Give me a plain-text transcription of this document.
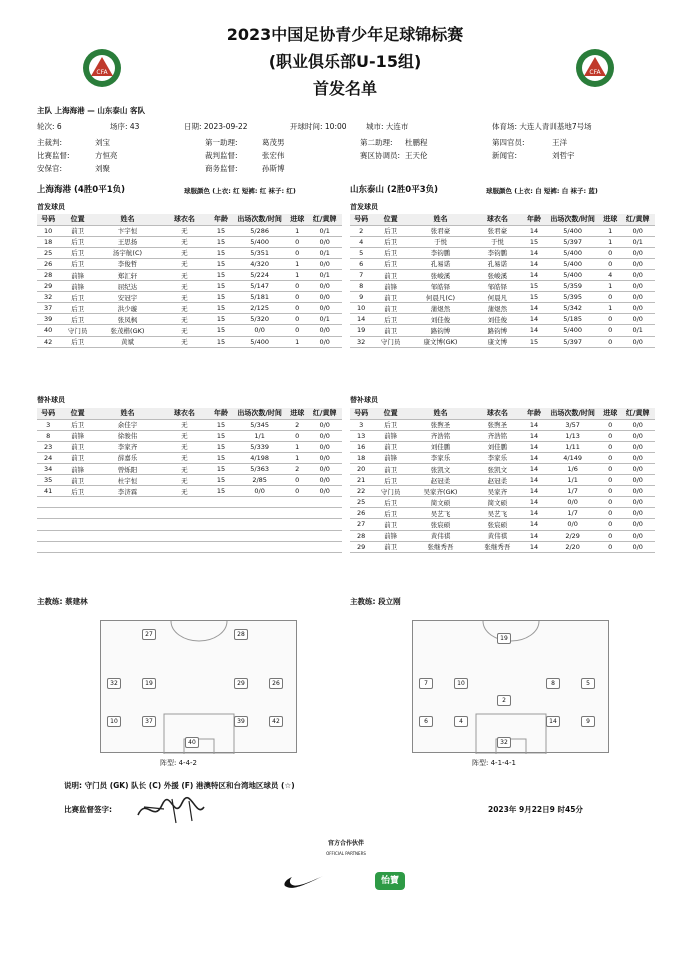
CFA	CFA
2023中国足协青少年足球锦标赛
(职业俱乐部U-15组)
首发名单
主队 上海海港 — 山东泰山 客队
轮次: 6	场序: 43	日期: 2023-09-22	开球时间: 10:00	城市: 大连市	体育场: 大连人青训基地7号场
主裁判:	刘宝	第一助理:	葛茂男	第二助理: 杜鹏程	第四官员:	王洋
比赛监督:	方恒亮	裁判监督:	张宏伟	赛区协调员: 王天伦	新闻官:	刘哲宇
安保官:	刘聚	商务监督:	孙斯博
上海海港 (4胜0平1负)	球服颜色 (上衣: 红 短裤: 红 袜子: 红)	山东泰山 (2胜0平3负)	球服颜色 (上衣: 白 短裤: 白 袜子: 蓝)
首发球员	首发球员
替补球员	替补球员
号码	位置	姓名	球衣名	年龄	出场次数/时间	进球	红/黄牌
10	前卫	卞宇恒	无	15	5/286	1	0/1
18	后卫	王思扬	无	15	5/400	0	0/0
25	后卫	汤宇航(C)	无	15	5/351	0	0/1
26	后卫	李俊哲	无	15	4/320	1	0/0
28	前锋	郑汇轩	无	15	5/224	1	0/1
29	前锋	屈纪达	无	15	5/147	0	0/0
32	后卫	安冠宇	无	15	5/181	0	0/0
37	后卫	洪少璇	无	15	2/125	0	0/0
39	后卫	张凤枫	无	15	5/320	0	0/1
40	守门员	张茂楷(GK)	无	15	0/0	0	0/0
42	后卫	黄斌	无	15	5/400	1	0/0
号码	位置	姓名	球衣名	年龄	出场次数/时间	进球	红/黄牌
2	后卫	张君豪	张君豪	14	5/400	1	0/0
4	后卫	于悦	于悦	15	5/397	1	0/1
5	后卫	李钧鹏	李钧鹏	14	5/400	0	0/0
6	后卫	孔易诺	孔易诺	14	5/400	0	0/0
7	前卫	张峻溪	张峻溪	14	5/400	4	0/0
8	前锋	邹皓铎	邹皓铎	15	5/359	1	0/0
9	前卫	何晨凡(C)	何晨凡	15	5/395	0	0/0
10	前卫	蒲煜然	蒲煜然	14	5/342	1	0/0
14	后卫	刘佳俊	刘佳俊	14	5/185	0	0/0
19	前卫	路钧博	路钧博	14	5/400	0	0/1
32	守门员	康文博(GK)	康文博	15	5/397	0	0/0
号码	位置	姓名	球衣名	年龄	出场次数/时间	进球	红/黄牌
3	后卫	余佳宇	无	15	5/345	2	0/0
8	前锋	徐骏伟	无	15	1/1	0	0/0
23	前卫	李家齐	无	15	5/339	1	0/0
24	前卫	薛嘉乐	无	15	4/198	1	0/0
34	前锋	曾烁阳	无	15	5/363	2	0/0
35	前卫	杜宇恒	无	15	2/85	0	0/0
41	后卫	李济霖	无	15	0/0	0	0/0

号码	位置	姓名	球衣名	年龄	出场次数/时间	进球	红/黄牌
3	后卫	张煦圣	张煦圣	14	3/57	0	0/0
13	前锋	齐浩铭	齐浩铭	14	1/13	0	0/0
16	前卫	刘佳鹏	刘佳鹏	14	1/11	0	0/0
18	前锋	李家乐	李家乐	14	4/149	0	0/0
20	前卫	张凯文	张凯文	14	1/6	0	0/0
21	后卫	赵冠柔	赵冠柔	14	1/1	0	0/0
22	守门员	吴家齐(GK)	吴家齐	14	1/7	0	0/0
25	后卫	简文硕	简文硕	14	0/0	0	0/0
26	后卫	吴艺飞	吴艺飞	14	1/7	0	0/0
27	前卫	张宸硕	张宸硕	14	0/0	0	0/0
28	前锋	黄伟祺	黄伟祺	14	2/29	0	0/0
29	前卫	张继秀吾	张继秀吾	14	2/20	0	0/0
主教练: 蔡建林	主教练: 段立刚
27	28
32	19	29	26
10	37	39	42
40
阵型: 4-4-2
19
7	10	8	5
2
6	4	14	9
32
阵型: 4-1-4-1
说明: 守门员 (GK) 队长 (C) 外援 (F) 港澳特区和台湾地区球员 (☆)
比赛监督签字:	2023年 9月22日9 时45分
官方合作伙伴
OFFICIAL PARTNERS
怡寶
